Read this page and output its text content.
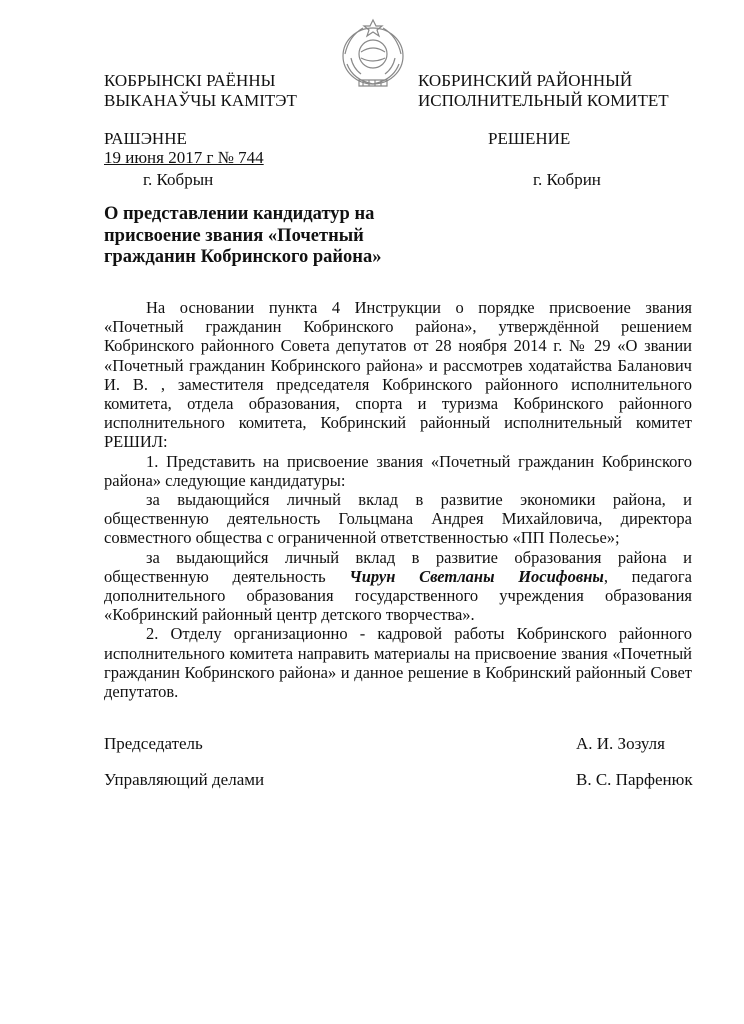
КОБРЫНСКІ РАЁННЫ
ВЫКАНАЎЧЫ КАМІТЭТ
КОБРИНСКИЙ РАЙОННЫЙ
ИСПОЛНИТЕЛЬНЫЙ КОМИТЕТ
РАШЭННЕ	РЕШЕНИЕ
19 июня 2017 г № 744
г. Кобрын	г. Кобрин
О представлении кандидатур на
присвоение звания «Почетный
гражданин Кобринского района»

На основании пункта 4 Инструкции о порядке присвоение звания «Почетный гражданин Кобринского района», утверждённой решением Кобринского районного Совета депутатов от 28 ноября 2014 г. № 29 «О звании «Почетный гражданин Кобринского района» и рассмотрев ходатайства Баланович И. В. , заместителя председателя Кобринского районного исполнительного комитета, отдела образования, спорта и туризма Кобринского районного исполнительного комитета, Кобринский районный исполнительный комитет РЕШИЛ:

1. Представить на присвоение звания «Почетный гражданин Кобринского района» следующие кандидатуры:

за выдающийся личный вклад в развитие экономики района, и общественную деятельность Гольцмана Андрея Михайловича, директора совместного общества с ограниченной ответственностью «ПП Полесье»;

за выдающийся личный вклад в развитие образования района и общественную деятельность Чирун Светланы Иосифовны, педагога дополнительного образования государственного учреждения образования «Кобринский районный центр детского творчества».

2. Отделу организационно - кадровой работы Кобринского районного исполнительного комитета направить материалы на присвоение звания «Почетный гражданин Кобринского района» и данное решение в Кобринский районный Совет депутатов.

Председатель	А. И. Зозуля
Управляющий делами	В. С. Парфенюк
